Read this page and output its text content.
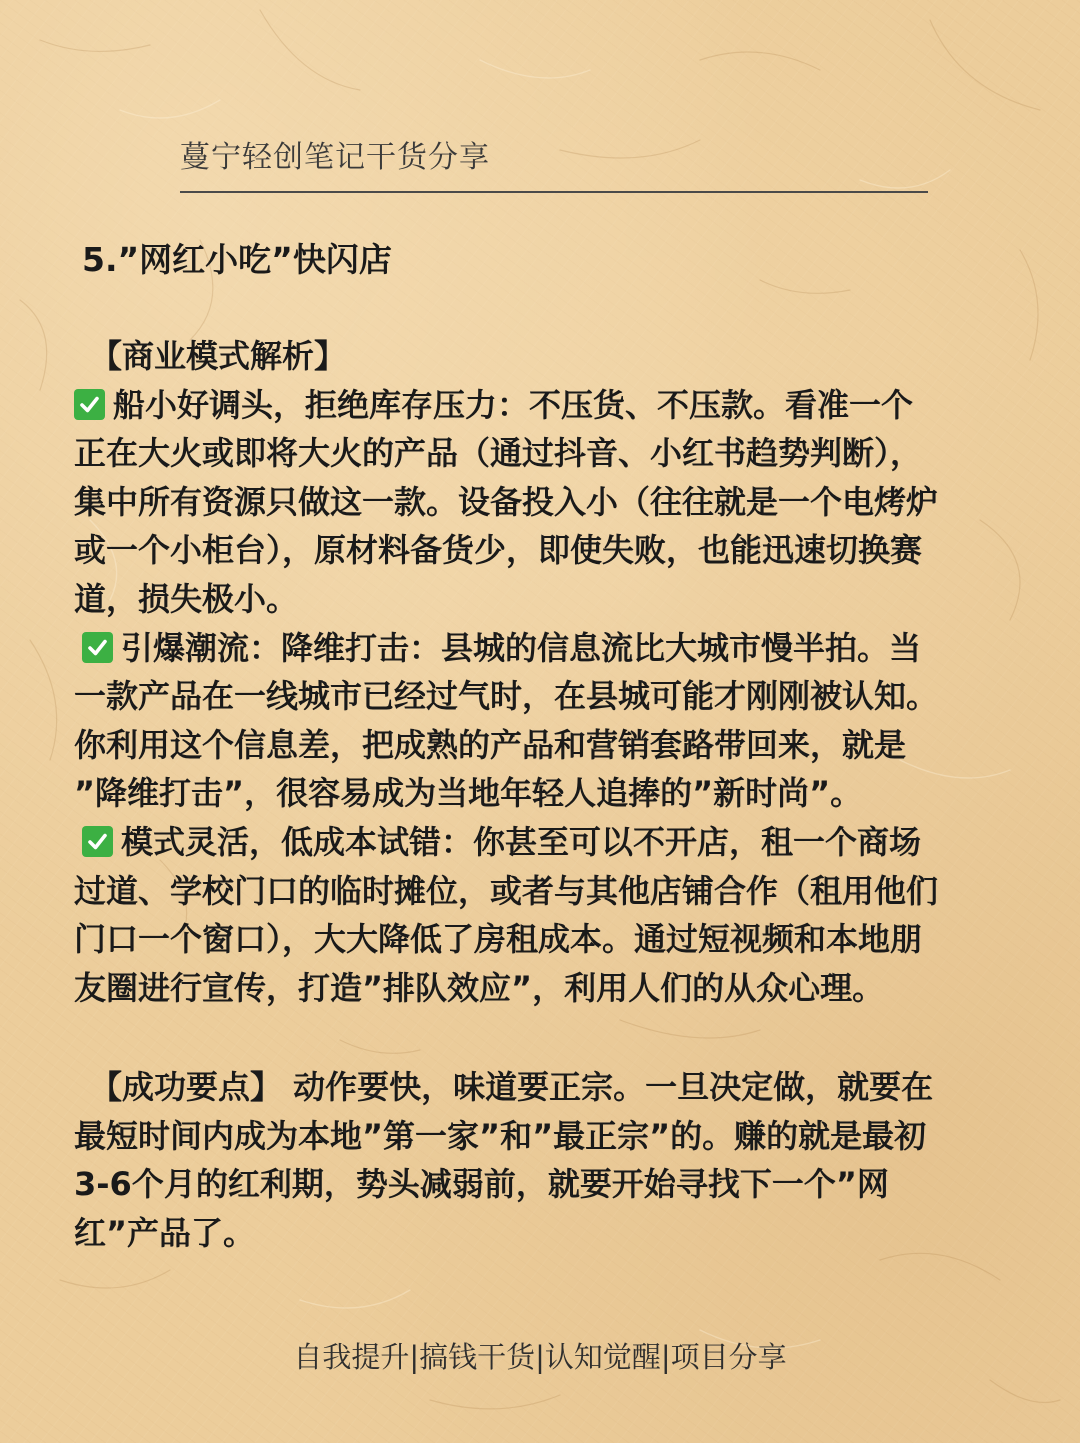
蔓宁轻创笔记干货分享
5.”网红小吃”快闪店
【商业模式解析】
船小好调头，拒绝库存压力：不压货、不压款。看准一个
正在大火或即将大火的产品（通过抖音、小红书趋势判断），
集中所有资源只做这一款。设备投入小（往往就是一个电烤炉
或一个小柜台），原材料备货少，即使失败，也能迅速切换赛
道，损失极小。
引爆潮流：降维打击：县城的信息流比大城市慢半拍。当
一款产品在一线城市已经过气时，在县城可能才刚刚被认知。
你利用这个信息差，把成熟的产品和营销套路带回来，就是
”降维打击”，很容易成为当地年轻人追捧的”新时尚”。
模式灵活，低成本试错：你甚至可以不开店，租一个商场
过道、学校门口的临时摊位，或者与其他店铺合作（租用他们
门口一个窗口），大大降低了房租成本。通过短视频和本地朋
友圈进行宣传，打造”排队效应”，利用人们的从众心理。
【成功要点】 动作要快，味道要正宗。一旦决定做，就要在
最短时间内成为本地”第一家”和”最正宗”的。赚的就是最初
3-6个月的红利期，势头减弱前，就要开始寻找下一个”网
红”产品了。
自我提升|搞钱干货|认知觉醒|项目分享
